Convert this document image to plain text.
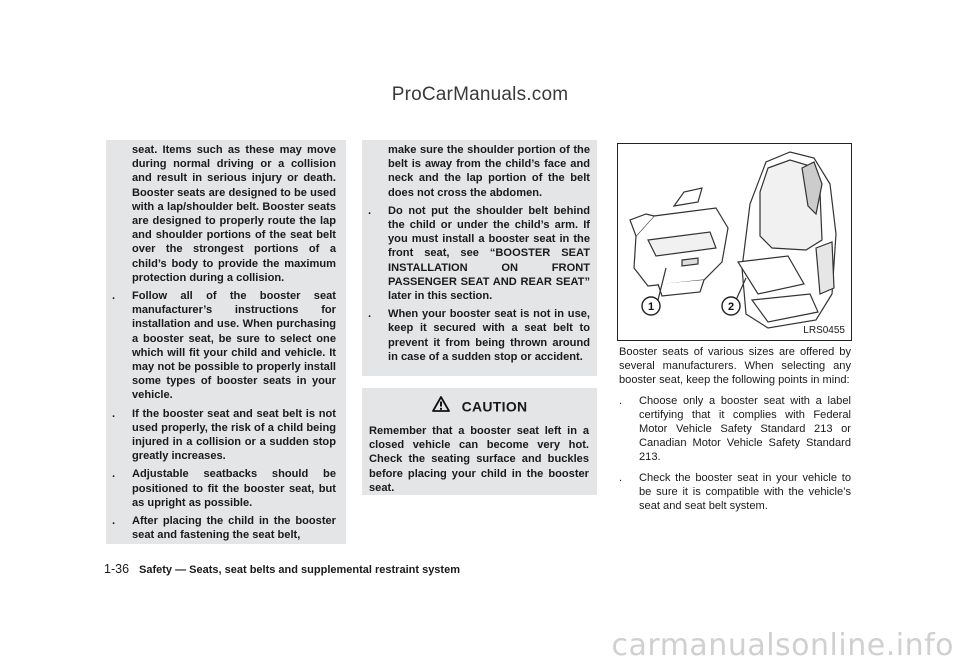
ProCarManuals.com
seat. Items such as these may move during normal driving or a collision and result in serious injury or death. Booster seats are designed to be used with a lap/shoulder belt. Booster seats are designed to properly route the lap and shoulder portions of the seat belt over the strongest portions of a child’s body to provide the maximum protection during a collision.
. Follow all of the booster seat manufacturer’s instructions for installation and use. When purchasing a booster seat, be sure to select one which will fit your child and vehicle. It may not be possible to properly install some types of booster seats in your vehicle.
. If the booster seat and seat belt is not used properly, the risk of a child being injured in a collision or a sudden stop greatly increases.
. Adjustable seatbacks should be positioned to fit the booster seat, but as upright as possible.
. After placing the child in the booster seat and fastening the seat belt,
make sure the shoulder portion of the belt is away from the child’s face and neck and the lap portion of the belt does not cross the abdomen.
. Do not put the shoulder belt behind the child or under the child’s arm. If you must install a booster seat in the front seat, see “BOOSTER SEAT INSTALLATION ON FRONT PASSENGER SEAT AND REAR SEAT” later in this section.
. When your booster seat is not in use, keep it secured with a seat belt to prevent it from being thrown around in case of a sudden stop or accident.
CAUTION
Remember that a booster seat left in a closed vehicle can become very hot. Check the seating surface and buckles before placing your child in the booster seat.
1	2
LRS0455
Booster seats of various sizes are offered by several manufacturers. When selecting any booster seat, keep the following points in mind:
. Choose only a booster seat with a label certifying that it complies with Federal Motor Vehicle Safety Standard 213 or Canadian Motor Vehicle Safety Standard 213.
. Check the booster seat in your vehicle to be sure it is compatible with the vehicle’s seat and seat belt system.
1-36 Safety — Seats, seat belts and supplemental restraint system
carmanualsonline.info
